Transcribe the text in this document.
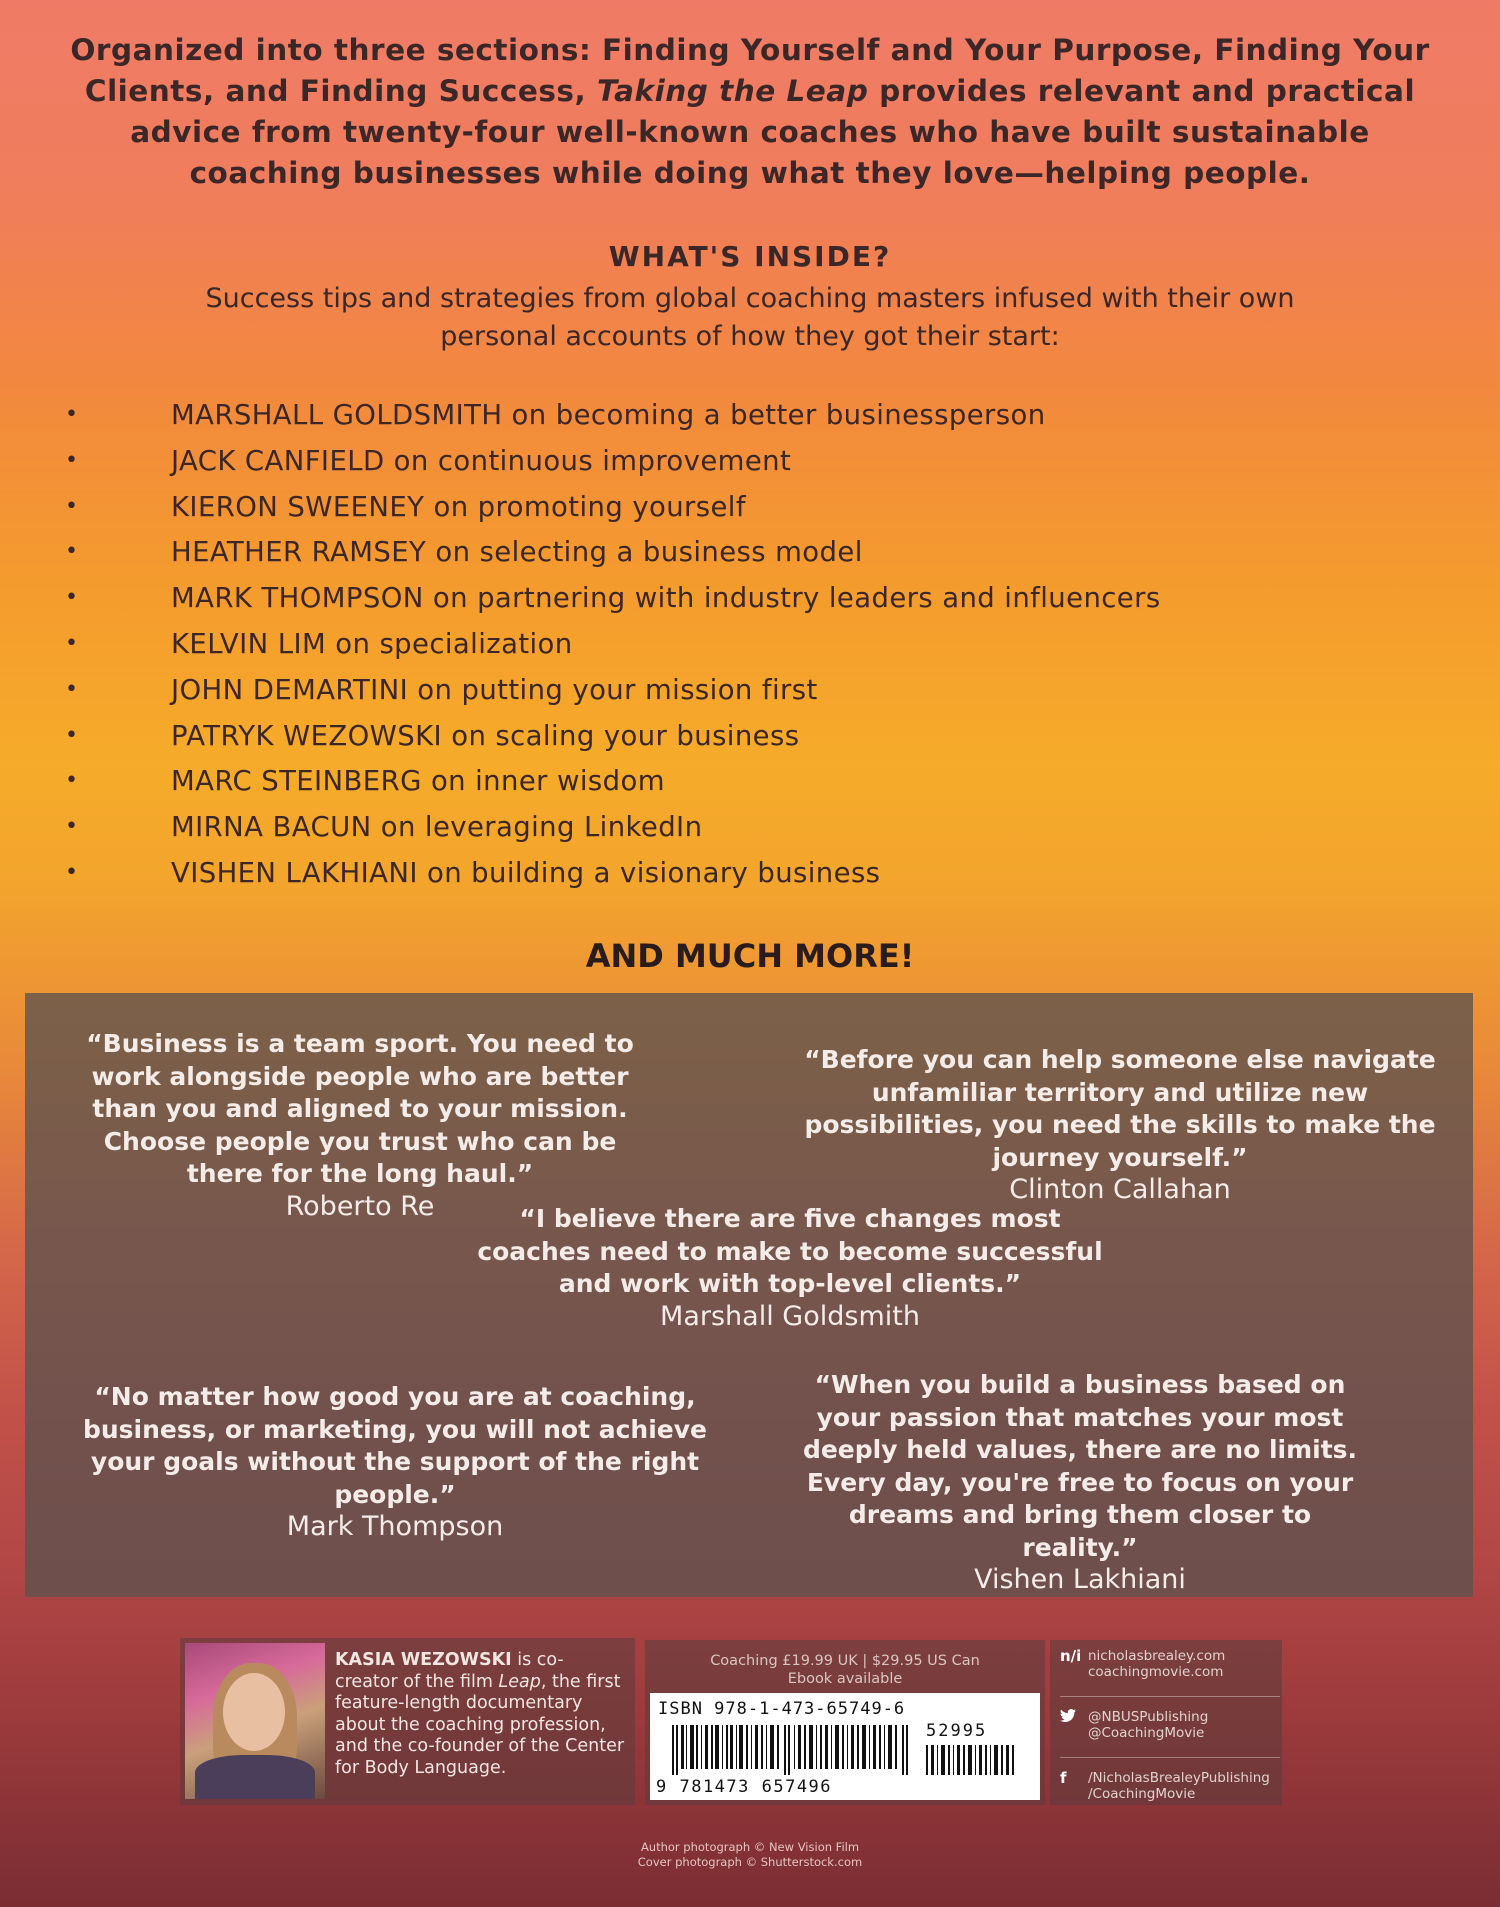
Organized into three sections: Finding Yourself and Your Purpose, Finding Your Clients, and Finding Success, Taking the Leap provides relevant and practical advice from twenty-four well-known coaches who have built sustainable coaching businesses while doing what they love—helping people.
WHAT'S INSIDE?
Success tips and strategies from global coaching masters infused with their own personal accounts of how they got their start:
•	MARSHALL GOLDSMITH on becoming a better businessperson
•	JACK CANFIELD on continuous improvement
•	KIERON SWEENEY on promoting yourself
•	HEATHER RAMSEY on selecting a business model
•	MARK THOMPSON on partnering with industry leaders and influencers
•	KELVIN LIM on specialization
•	JOHN DEMARTINI on putting your mission first
•	PATRYK WEZOWSKI on scaling your business
•	MARC STEINBERG on inner wisdom
•	MIRNA BACUN on leveraging LinkedIn
•	VISHEN LAKHIANI on building a visionary business
AND MUCH MORE!
“Business is a team sport. You need to work alongside people who are better than you and aligned to your mission. Choose people you trust who can be there for the long haul.”
Roberto Re
“Before you can help someone else navigate unfamiliar territory and utilize new possibilities, you need the skills to make the journey yourself.”
Clinton Callahan
“I believe there are five changes most coaches need to make to become successful and work with top-level clients.”
Marshall Goldsmith
“No matter how good you are at coaching, business, or marketing, you will not achieve your goals without the support of the right people.”
Mark Thompson
“When you build a business based on your passion that matches your most deeply held values, there are no limits. Every day, you're free to focus on your dreams and bring them closer to reality.”
Vishen Lakhiani
KASIA WEZOWSKI is co-creator of the film Leap, the first feature-length documentary about the coaching profession, and the co-founder of the Center for Body Language.
Coaching £19.99 UK | $29.95 US Can
Ebook available
ISBN 978-1-473-65749-6
52995
9 781473 657496
n/i nicholasbrealey.com
coachingmovie.com
@NBUSPublishing
@CoachingMovie
f /NicholasBrealeyPublishing
/CoachingMovie
Author photograph © New Vision Film
Cover photograph © Shutterstock.com
